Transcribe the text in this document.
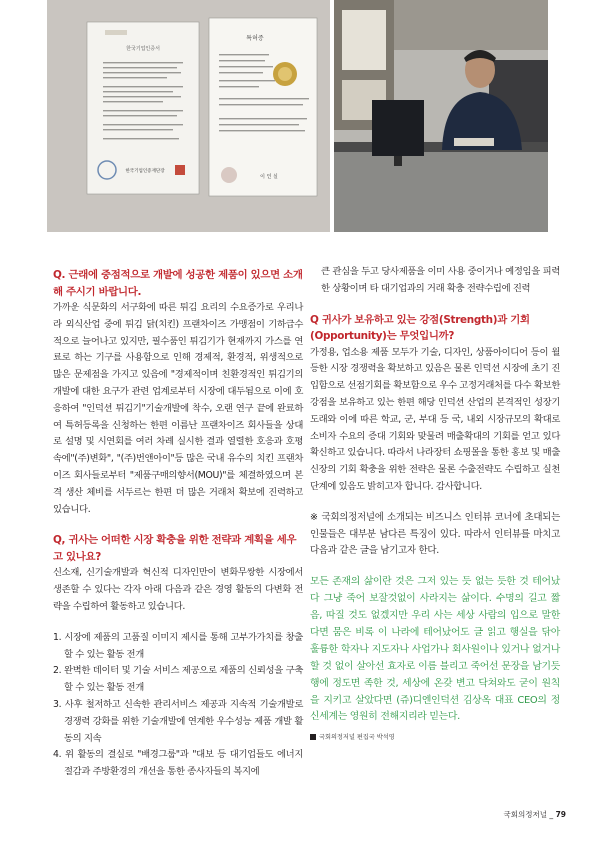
한국기업인증서
한국기업인증재단장
특허증
이 인 실

Q. 근래에 중점적으로 개발에 성공한 제품이 있으면 소개해 주시기 바랍니다.

가까운 식문화의 서구화에 따른 튀김 요리의 수요증가로 우리나라 외식산업 중에 튀김 닭(치킨) 프랜차이즈 가맹점이 기하급수적으로 늘어나고 있지만, 필수품인 튀김기가 현재까지 가스를 연료로 하는 기구를 사용함으로 인해 경제적, 환경적, 위생적으로 많은 문제점을 가지고 있음에 "경제적이며 친환경적인 튀김기의 개발에 대한 요구가 관련 업계로부터 시장에 대두됨으로 이에 호응하여 "인덕션 튀김기"기술개발에 착수, 오랜 연구 끝에 완료하여 특허등록을 신청하는 한편 이름난 프랜차이즈 회사들을 상대로 설명 및 시연회를 여러 차례 실시한 결과 열렬한 호응과 호평 속에"(주)변화", "(주)번앤아이"등 많은 국내 유수의 치킨 프랜차이즈 회사들로부터 "제품구매의향서(MOU)"를 체결하였으며 본격 생산 체비를 서두르는 한편 더 많은 거래처 확보에 진력하고 있습니다.

Q, 귀사는 어떠한 시장 확충을 위한 전략과 계획을 세우고 있나요?

신소재, 신기술개발과 혁신적 디자인만이 변화무쌍한 시장에서 생존할 수 있다는 각자 아래 다음과 같은 경영 활동의 다변화 전략을 수립하여 활동하고 있습니다.

1. 시장에 제품의 고품질 이미지 제시를 통해 고부가가치를 창출할 수 있는 활동 전개
2. 완벽한 데이터 및 기술 서비스 제공으로 제품의 신뢰성을 구축할 수 있는 활동 전개
3. 사후 철저하고 신속한 관리서비스 제공과 지속적 기술개발로 경쟁력 강화를 위한 기술개발에 연계한 우수성능 제품 개발 활동의 지속
4. 위 활동의 결실로 "배경그룹"과 "대보 등 대기업들도 에너지 절감과 주방환경의 개선을 통한 종사자들의 복지에

큰 관심을 두고 당사제품을 이미 사용 중이거나 예정임을 피력한 상황이며 타 대기업과의 거래 확충 전략수립에 진력

Q 귀사가 보유하고 있는 강점(Strength)과 기회(Opportunity)는 무엇입니까?

가정용, 업소용 제품 모두가 기술, 디자인, 상품아이디어 등이 월등한 시장 경쟁력을 확보하고 있음은 물론 인덕션 시장에 초기 진입함으로 선점기회를 확보함으로 우수 고정거래처를 다수 확보한 강점을 보유하고 있는 한편 해당 인덕션 산업의 본격적인 성장기 도래와 이에 따른 학교, 군, 부대 등 국, 내외 시장규모의 확대로 소비자 수요의 증대 기회와 맞물려 매출확대의 기회를 얻고 있다 확신하고 있습니다. 따라서 나라장터 쇼핑몰을 통한 홍보 및 매출 신장의 기회 확충을 위한 전략은 물론 수출전략도 수립하고 실천단계에 있음도 밝히고자 합니다. 감사합니다.

※ 국회의정저널에 소개되는 비즈니스 인터뷰 코너에 초대되는 인물들은 대부분 남다른 특징이 있다. 따라서 인터뷰를 마치고 다음과 같은 글을 남기고자 한다.

모든 존재의 삶이란 것은 그저 있는 듯 없는 듯한 것 테어났다 그냥 죽어 보잘것없이 사라지는 삶이다. 수명의 길고 짧음, 따질 것도 없겠지만 우리 사는 세상 사람의 입으로 말한다면 뭄은 비록 이 나라에 테어났어도 글 읽고 행실을 닦아 훌륭한 학자나 지도자나 사업가나 회사원이나 있거나 없거나 할 것 없이 살아선 효자로 이름 블리고 죽어선 문장을 남기듯 행에 정도면 족한 것, 세상에 온갖 변고 닥쳐와도 굳이 원칙을 지키고 살았다면 (쥬)디엔인덕션 김상옥 대표 CEO의 정신세계는 영원히 전해지리라 믿는다.

국회의정저널 편집국 박석영
국회의정저널 _ 79
